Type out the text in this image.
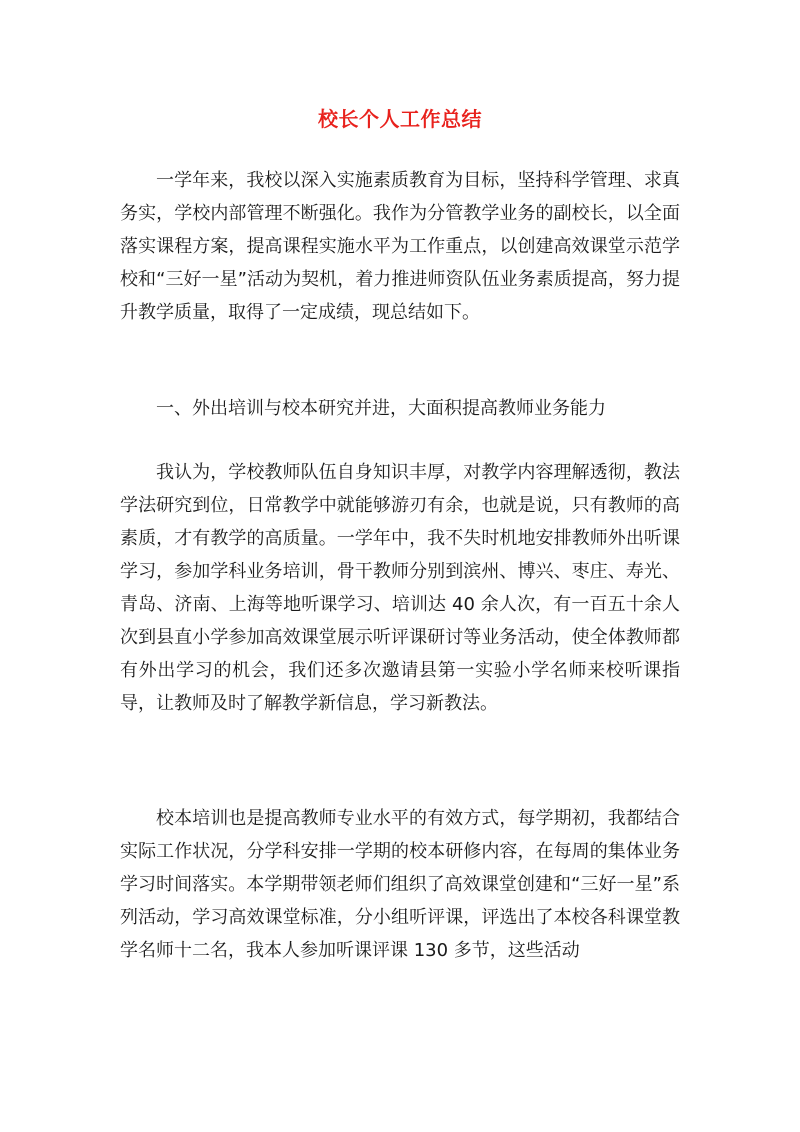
校长个人工作总结

一学年来，我校以深入实施素质教育为目标，坚持科学管理、求真务实，学校内部管理不断强化。我作为分管教学业务的副校长，以全面落实课程方案，提高课程实施水平为工作重点，以创建高效课堂示范学校和“三好一星”活动为契机，着力推进师资队伍业务素质提高，努力提升教学质量，取得了一定成绩，现总结如下。

一、外出培训与校本研究并进，大面积提高教师业务能力

我认为，学校教师队伍自身知识丰厚，对教学内容理解透彻，教法学法研究到位，日常教学中就能够游刃有余，也就是说，只有教师的高素质，才有教学的高质量。一学年中，我不失时机地安排教师外出听课学习，参加学科业务培训，骨干教师分别到滨州、博兴、枣庄、寿光、青岛、济南、上海等地听课学习、培训达 40 余人次，有一百五十余人次到县直小学参加高效课堂展示听评课研讨等业务活动，使全体教师都有外出学习的机会，我们还多次邀请县第一实验小学名师来校听课指导，让教师及时了解教学新信息，学习新教法。

校本培训也是提高教师专业水平的有效方式，每学期初，我都结合实际工作状况，分学科安排一学期的校本研修内容，在每周的集体业务学习时间落实。本学期带领老师们组织了高效课堂创建和“三好一星”系列活动，学习高效课堂标准，分小组听评课，评选出了本校各科课堂教学名师十二名，我本人参加听课评课 130 多节，这些活动
